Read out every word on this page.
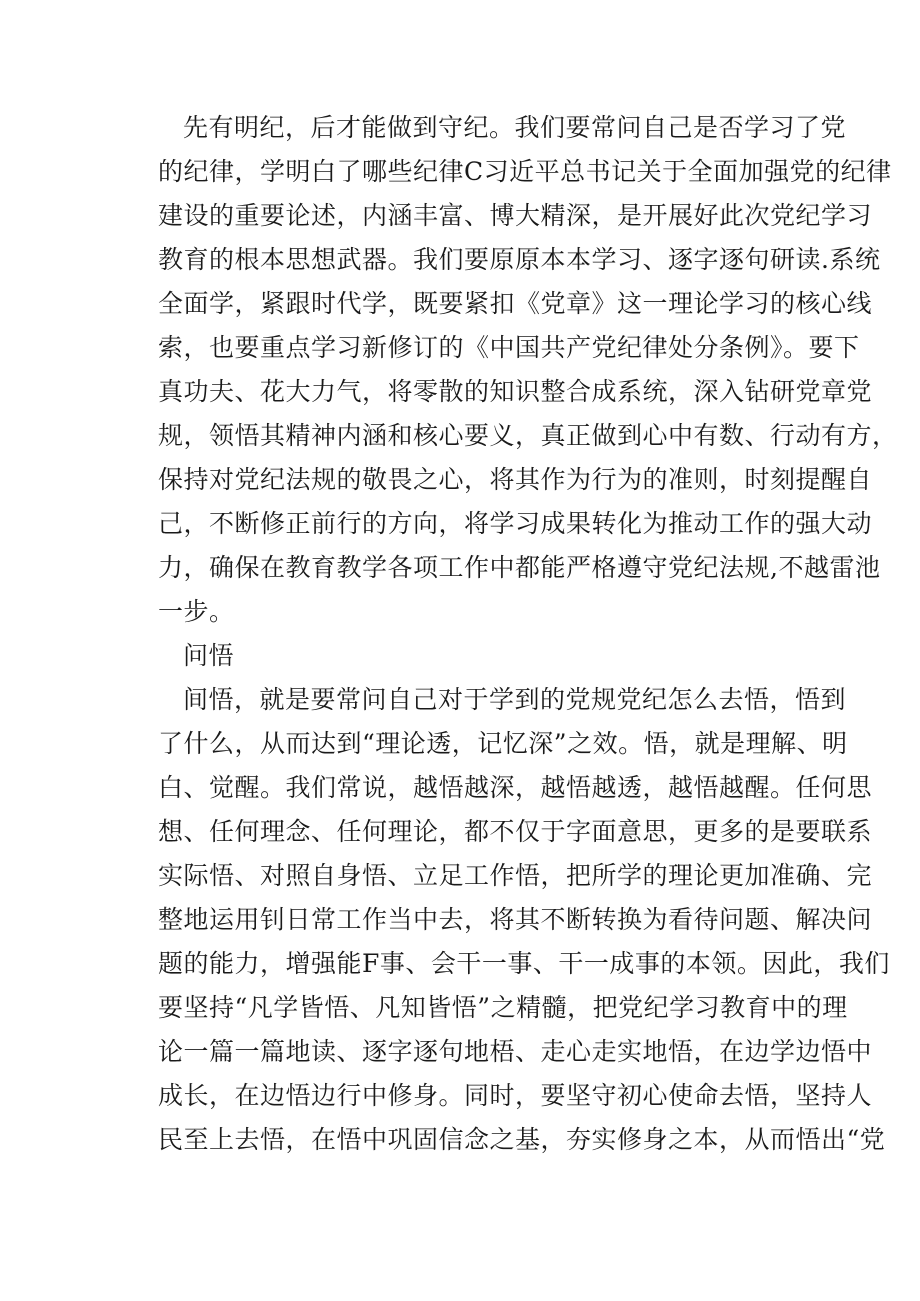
先有明纪，后才能做到守纪。我们要常问自己是否学习了党
的纪律，学明白了哪些纪律C习近平总书记关于全面加强党的纪律
建设的重要论述，内涵丰富、博大精深，是开展好此次党纪学习
教育的根本思想武器。我们要原原本本学习、逐字逐句研读.系统
全面学，紧跟时代学，既要紧扣《党章》这一理论学习的核心线
索，也要重点学习新修订的《中国共产党纪律处分条例》。要下
真功夫、花大力气，将零散的知识整合成系统，深入钻研党章党
规，领悟其精神内涵和核心要义，真正做到心中有数、行动有方，
保持对党纪法规的敬畏之心，将其作为行为的准则，时刻提醒自
己，不断修正前行的方向，将学习成果转化为推动工作的强大动
力，确保在教育教学各项工作中都能严格遵守党纪法规,不越雷池
一步。
问悟
间悟，就是要常问自己对于学到的党规党纪怎么去悟，悟到
了什么，从而达到“理论透，记忆深”之效。悟，就是理解、明
白、觉醒。我们常说，越悟越深，越悟越透，越悟越醒。任何思
想、任何理念、任何理论，都不仅于字面意思，更多的是要联系
实际悟、对照自身悟、立足工作悟，把所学的理论更加准确、完
整地运用钊日常工作当中去，将其不断转换为看待问题、解决问
题的能力，增强能F事、会干一事、干一成事的本领。因此，我们
要坚持“凡学皆悟、凡知皆悟”之精髓，把党纪学习教育中的理
论一篇一篇地读、逐字逐句地梧、走心走实地悟，在边学边悟中
成长，在边悟边行中修身。同时，要坚守初心使命去悟，坚持人
民至上去悟，在悟中巩固信念之基，夯实修身之本，从而悟出“党
